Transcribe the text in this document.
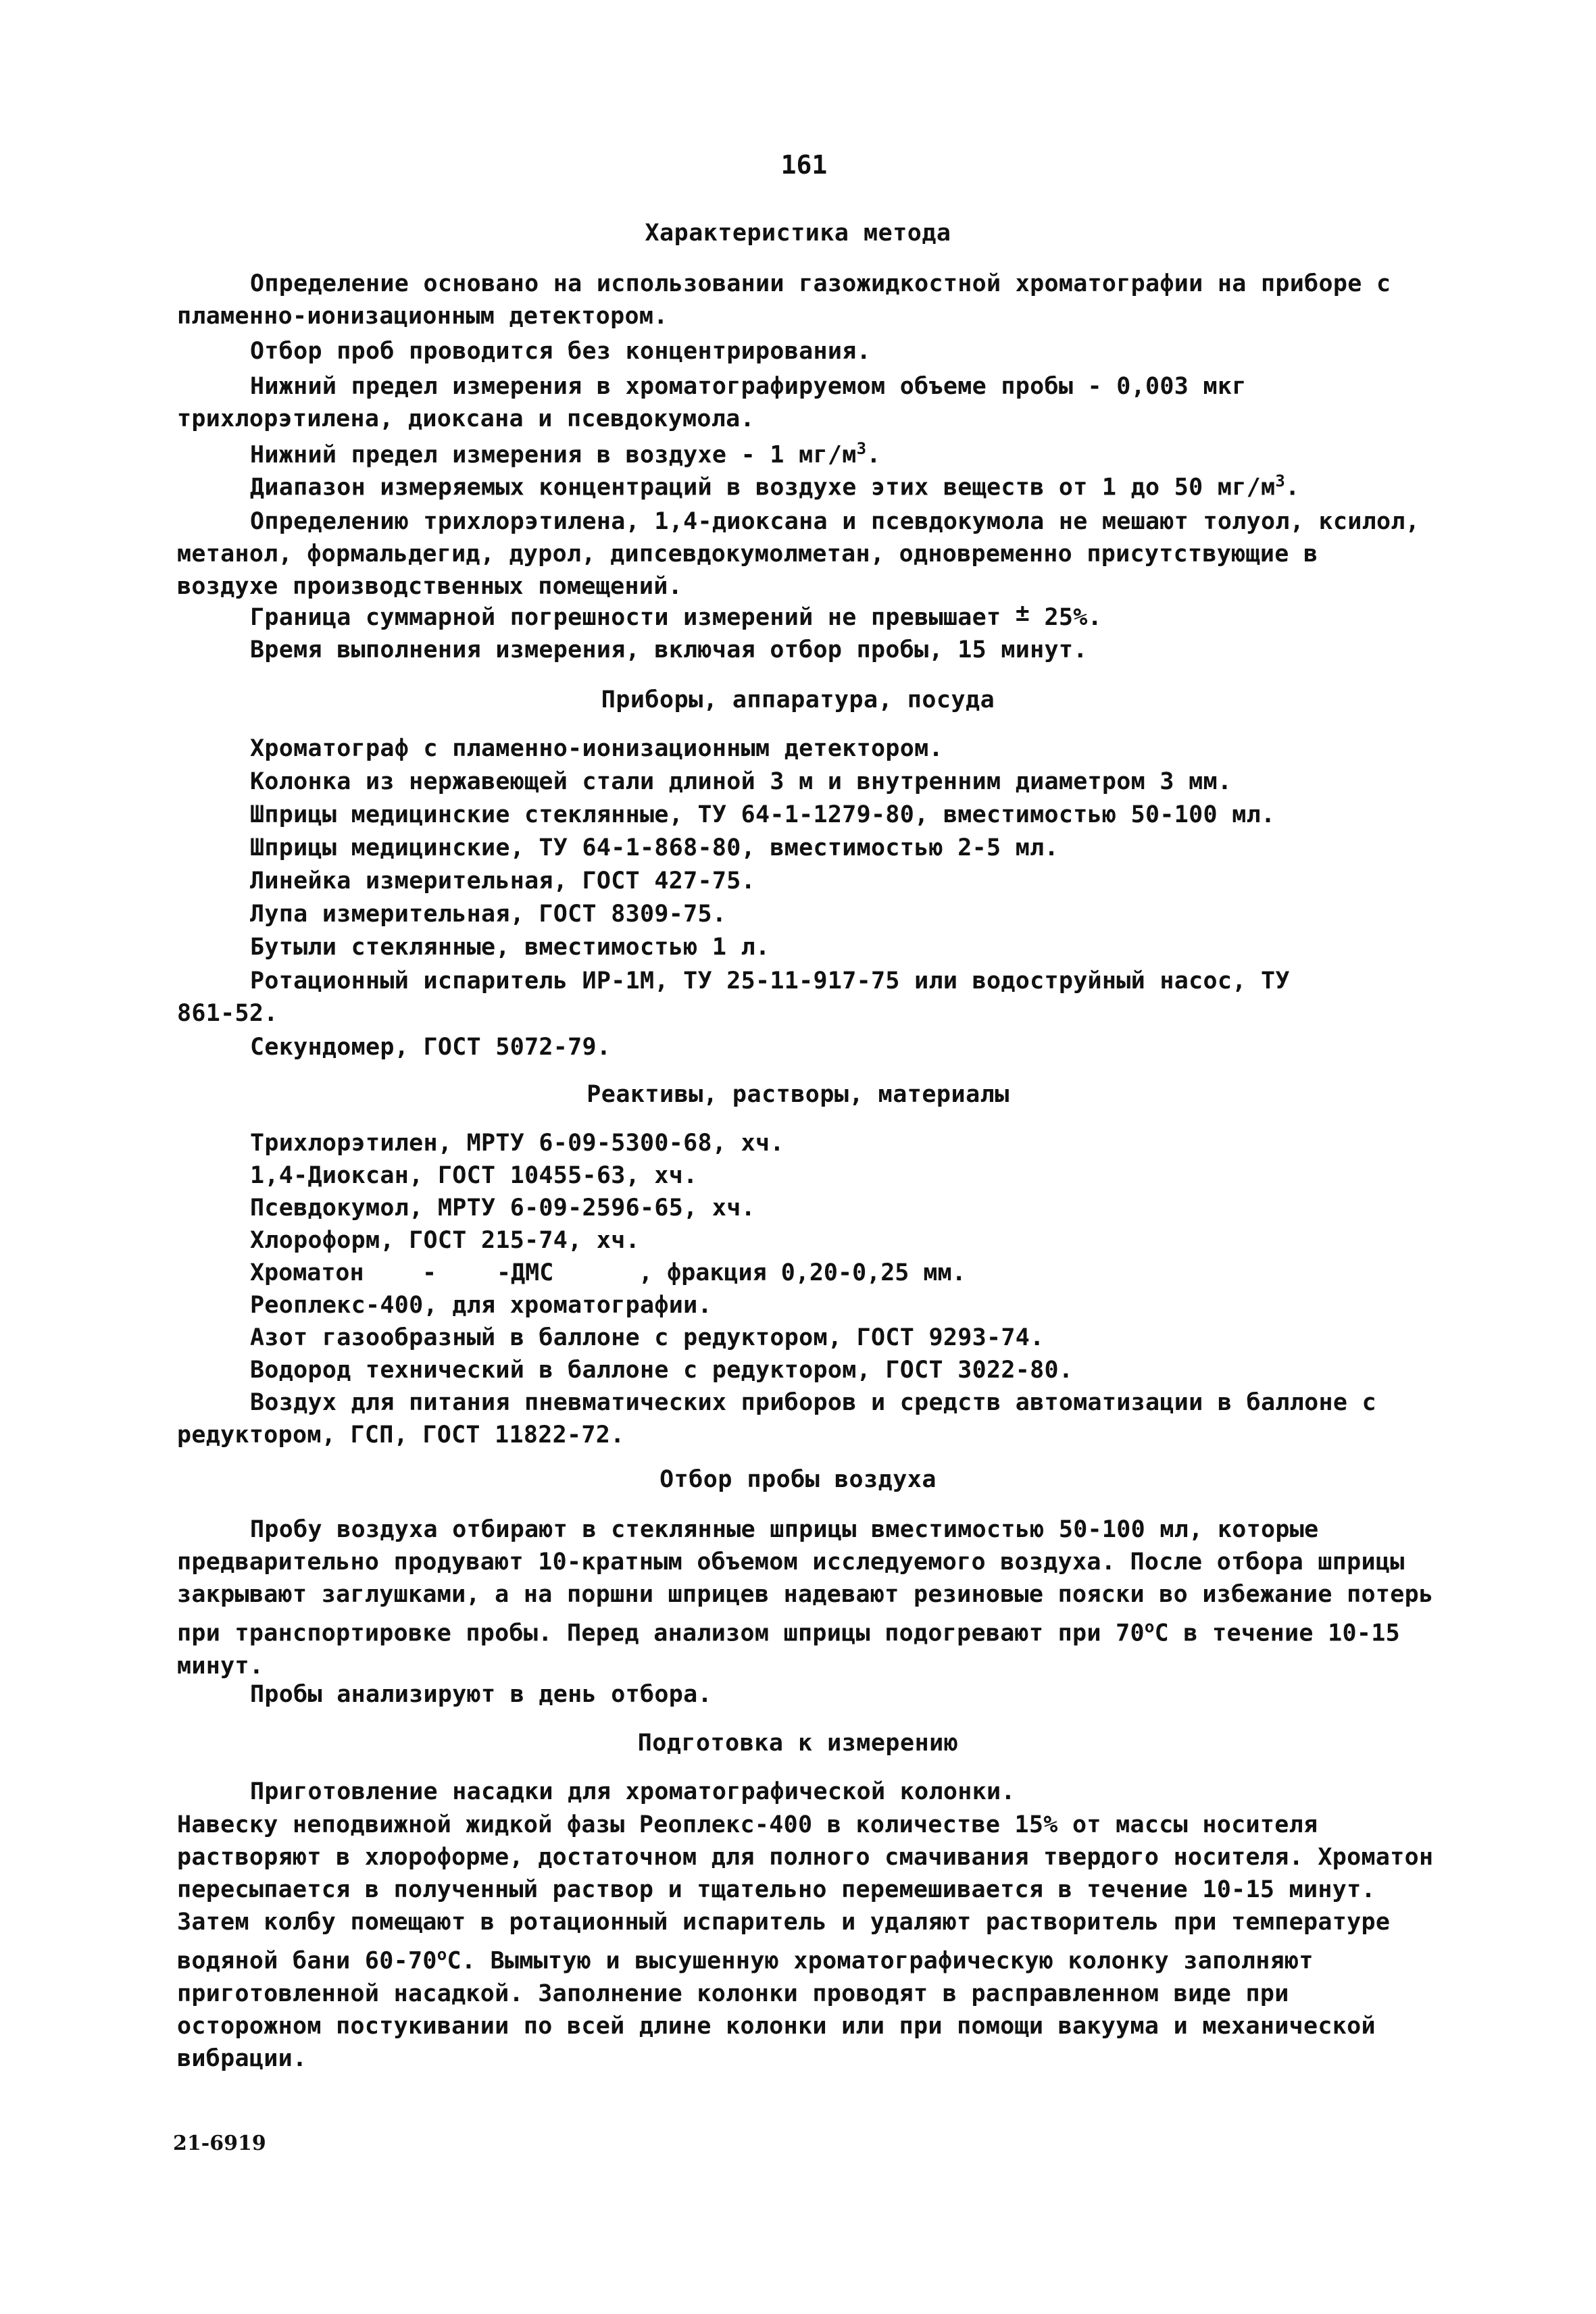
161
Характеристика метода
Определение основано на использовании газожидкостной хроматографии на приборе с пламенно-ионизационным детектором.
Отбор проб проводится без концентрирования.
Нижний предел измерения в хроматографируемом объеме пробы - 0,003 мкг трихлорэтилена, диоксана и псевдокумола.
Нижний предел измерения в воздухе - 1 $мг/м^3$.
Диапазон измеряемых концентраций в воздухе этих веществ от 1 до 50 $мг/м^3$.
Определению трихлорэтилена, 1,4-диоксана и псевдокумола не мешают толуол, ксилол, метанол, формальдегид, дурол, дипсевдокумолметан, одновременно присутствующие в воздухе производственных помещений.
Граница суммарной погрешности измерений не превышает ± 25%.
Время выполнения измерения, включая отбор пробы, 15 минут.
Приборы, аппаратура, посуда
Хроматограф с пламенно-ионизационным детектором.
Колонка из нержавеющей стали длиной 3 м и внутренним диаметром 3 мм.
Шприцы медицинские стеклянные, ТУ 64-1-1279-80, вместимостью 50-100 мл.
Шприцы медицинские, ТУ 64-1-868-80, вместимостью 2-5 мл.
Линейка измерительная, ГОСТ 427-75.
Лупа измерительная, ГОСТ 8309-75.
Бутыли стеклянные, вместимостью 1 л.
Ротационный испаритель ИР-1М, ТУ 25-11-917-75 или водоструйный насос, ТУ 861-52.
Секундомер, ГОСТ 5072-79.
Реактивы, растворы, материалы
Трихлорэтилен, МРТУ 6-09-5300-68, хч.
1,4-Диоксан, ГОСТ 10455-63, хч.
Псевдокумол, МРТУ 6-09-2596-65, хч.
Хлороформ, ГОСТ 215-74, хч.
Хроматон -	-ДМС	, фракция 0,20-0,25 мм.
Реоплекс-400, для хроматографии.
Азот газообразный в баллоне с редуктором, ГОСТ 9293-74.
Водород технический в баллоне с редуктором, ГОСТ 3022-80.
Воздух для питания пневматических приборов и средств автоматизации в баллоне с редуктором, ГСП, ГОСТ 11822-72.
Отбор пробы воздуха
Пробу воздуха отбирают в стеклянные шприцы вместимостью 50-100 мл, которые предварительно продувают 10-кратным объемом исследуемого воздуха. После отбора шприцы закрывают заглушками, а на поршни шприцев надевают резиновые пояски во избежание потерь при транспортировке пробы. Перед анализом шприцы подогревают при $70^оС$ в течение 10-15 минут.
Пробы анализируют в день отбора.
Подготовка к измерению
Приготовление насадки для хроматографической колонки.
Навеску неподвижной жидкой фазы Реоплекс-400 в количестве 15% от массы носителя растворяют в хлороформе, достаточном для полного смачивания твердого носителя. Хроматон пересыпается в полученный раствор и тщательно перемешивается в течение 10-15 минут. Затем колбу помещают в ротационный испаритель и удаляют растворитель при температуре водяной бани $60-70^оС$. Вымытую и высушенную хроматографическую колонку заполняют приготовленной насадкой. Заполнение колонки проводят в расправленном виде при осторожном постукивании по всей длине колонки или при помощи вакуума и механической вибрации.
21-6919
